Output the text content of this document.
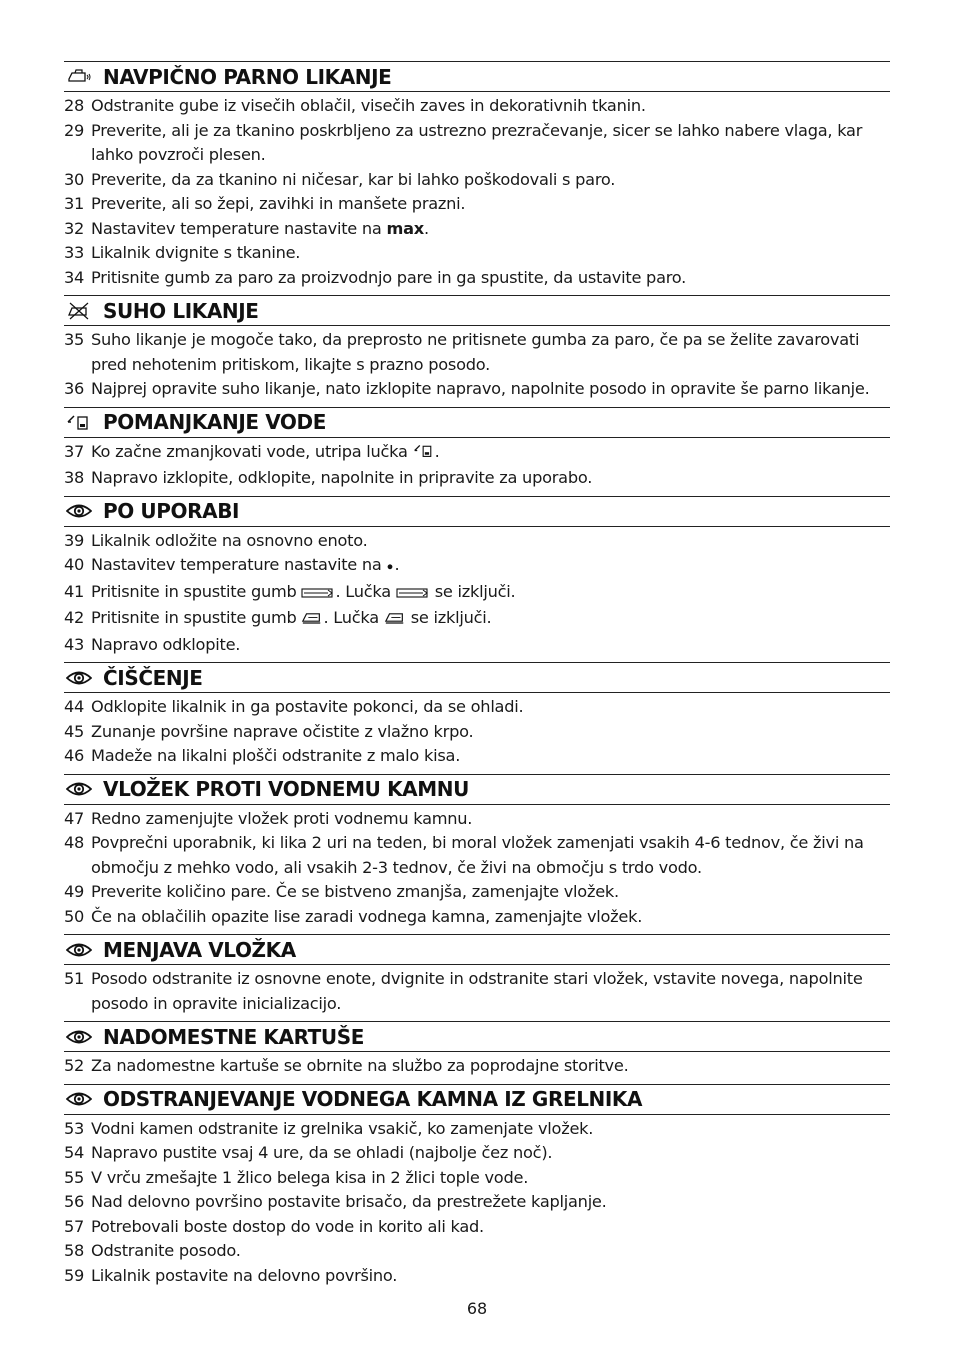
NAVPIČNO PARNO LIKANJE
28 Odstranite gube iz visečih oblačil, visečih zaves in dekorativnih tkanin.
29 Preverite, ali je za tkanino poskrbljeno za ustrezno prezračevanje, sicer se lahko nabere vlaga, kar lahko povzroči plesen.
30 Preverite, da za tkanino ni ničesar, kar bi lahko poškodovali s paro.
31 Preverite, ali so žepi, zavihki in manšete prazni.
32 Nastavitev temperature nastavite na max.
33 Likalnik dvignite s tkanine.
34 Pritisnite gumb za paro za proizvodnjo pare in ga spustite, da ustavite paro.
SUHO LIKANJE
35 Suho likanje je mogoče tako, da preprosto ne pritisnete gumba za paro, če pa se želite zavarovati pred nehotenim pritiskom, likajte s prazno posodo.
36 Najprej opravite suho likanje, nato izklopite napravo, napolnite posodo in opravite še parno likanje.
POMANJKANJE VODE
37 Ko začne zmanjkovati vode, utripa lučka .
38 Napravo izklopite, odklopite, napolnite in pripravite za uporabo.
PO UPORABI
39 Likalnik odložite na osnovno enoto.
40 Nastavitev temperature nastavite na .
41 Pritisnite in spustite gumb . Lučka  se izključi.
42 Pritisnite in spustite gumb . Lučka  se izključi.
43 Napravo odklopite.
ČIŠČENJE
44 Odklopite likalnik in ga postavite pokonci, da se ohladi.
45 Zunanje površine naprave očistite z vlažno krpo.
46 Madeže na likalni plošči odstranite z malo kisa.
VLOŽEK PROTI VODNEMU KAMNU
47 Redno zamenjujte vložek proti vodnemu kamnu.
48 Povprečni uporabnik, ki lika 2 uri na teden, bi moral vložek zamenjati vsakih 4-6 tednov, če živi na območju z mehko vodo, ali vsakih 2-3 tednov, če živi na območju s trdo vodo.
49 Preverite količino pare. Če se bistveno zmanjša, zamenjajte vložek.
50 Če na oblačilih opazite lise zaradi vodnega kamna, zamenjajte vložek.
MENJAVA VLOŽKA
51 Posodo odstranite iz osnovne enote, dvignite in odstranite stari vložek, vstavite novega, napolnite posodo in opravite inicializacijo.
NADOMESTNE KARTUŠE
52 Za nadomestne kartuše se obrnite na službo za poprodajne storitve.
ODSTRANJEVANJE VODNEGA KAMNA IZ GRELNIKA
53 Vodni kamen odstranite iz grelnika vsakič, ko zamenjate vložek.
54 Napravo pustite vsaj 4 ure, da se ohladi (najbolje čez noč).
55 V vrču zmešajte 1 žlico belega kisa in 2 žlici tople vode.
56 Nad delovno površino postavite brisačo, da prestrežete kapljanje.
57 Potrebovali boste dostop do vode in korito ali kad.
58 Odstranite posodo.
59 Likalnik postavite na delovno površino.
68
